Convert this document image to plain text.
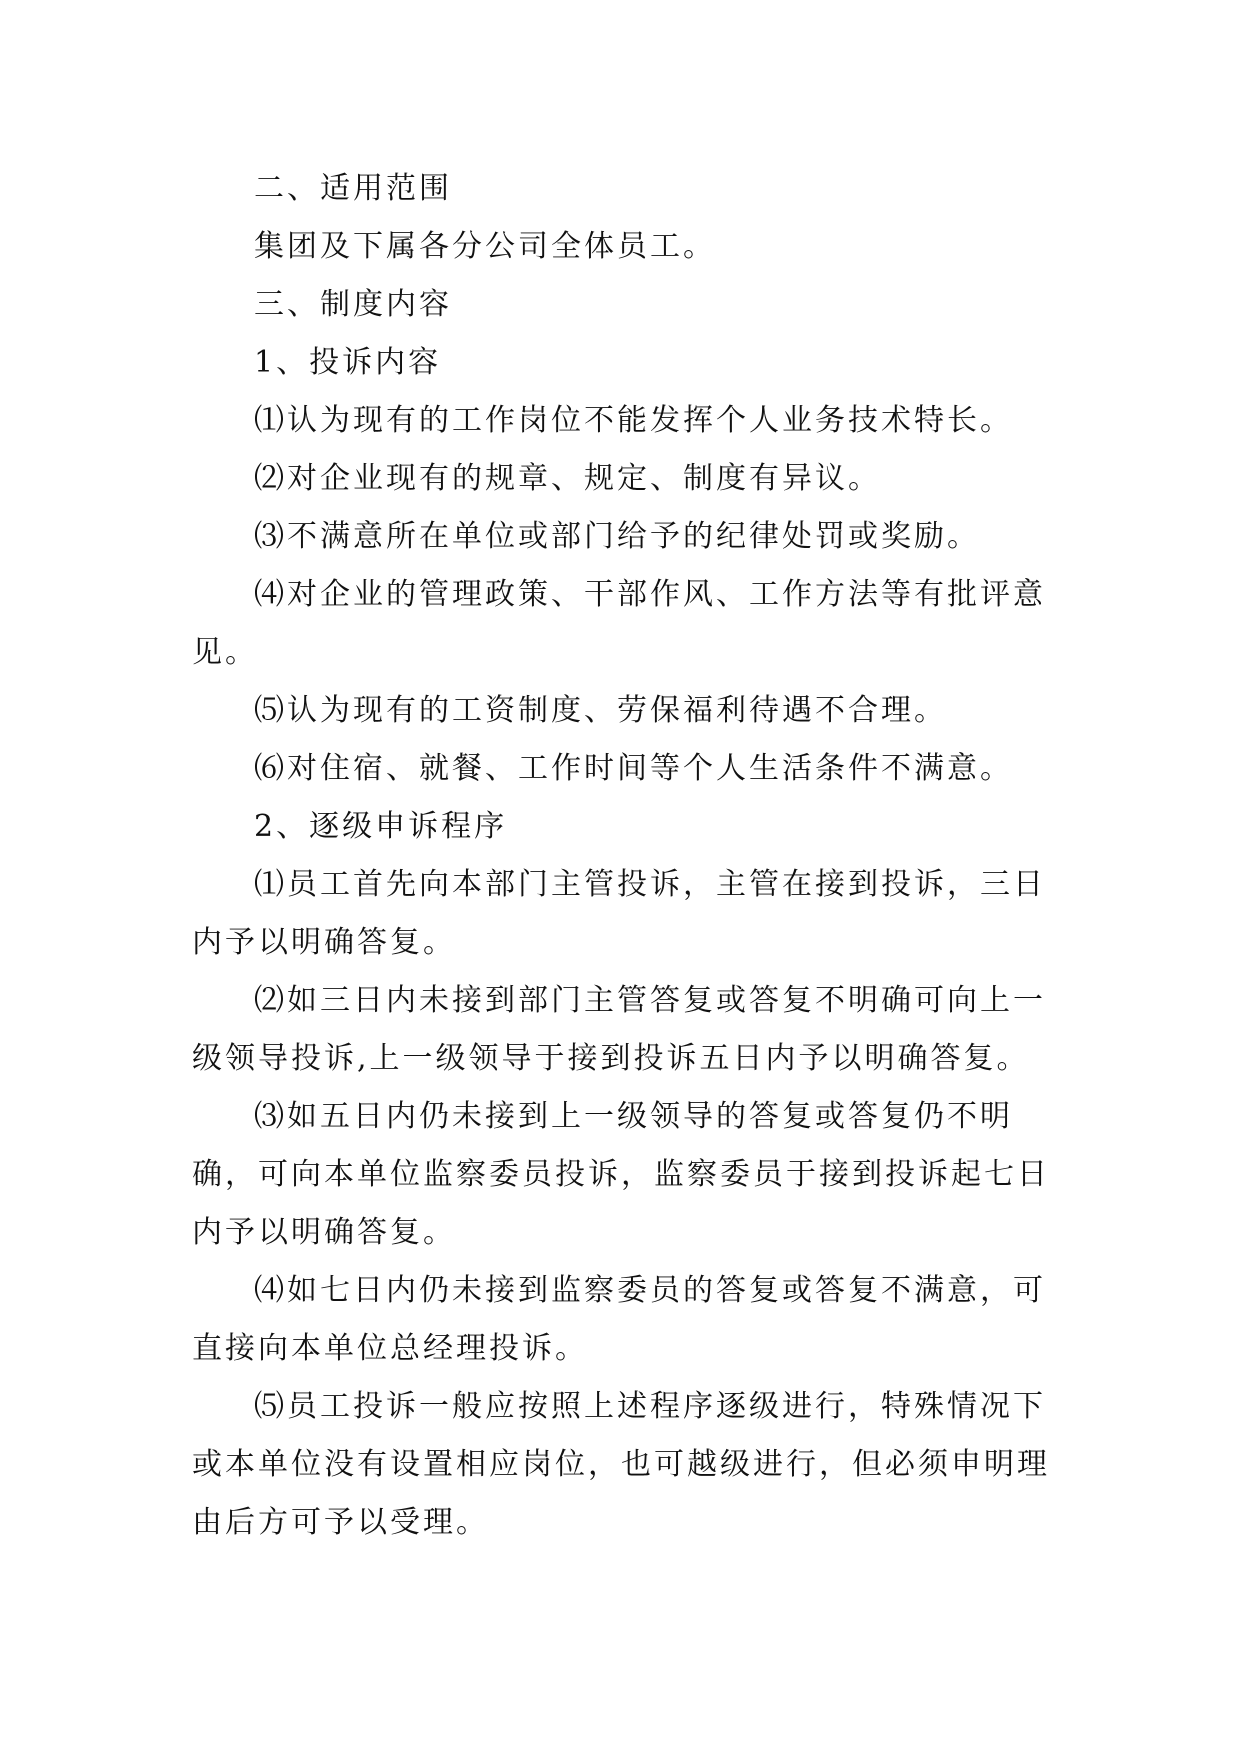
二、适用范围

集团及下属各分公司全体员工。

三、制度内容

1、投诉内容

⑴认为现有的工作岗位不能发挥个人业务技术特长。

⑵对企业现有的规章、规定、制度有异议。

⑶不满意所在单位或部门给予的纪律处罚或奖励。

⑷对企业的管理政策、干部作风、工作方法等有批评意见。

⑸认为现有的工资制度、劳保福利待遇不合理。

⑹对住宿、就餐、工作时间等个人生活条件不满意。

2、逐级申诉程序

⑴员工首先向本部门主管投诉，主管在接到投诉，三日内予以明确答复。

⑵如三日内未接到部门主管答复或答复不明确可向上一级领导投诉,上一级领导于接到投诉五日内予以明确答复。

⑶如五日内仍未接到上一级领导的答复或答复仍不明确，可向本单位监察委员投诉，监察委员于接到投诉起七日内予以明确答复。

⑷如七日内仍未接到监察委员的答复或答复不满意，可直接向本单位总经理投诉。

⑸员工投诉一般应按照上述程序逐级进行，特殊情况下或本单位没有设置相应岗位，也可越级进行，但必须申明理由后方可予以受理。
